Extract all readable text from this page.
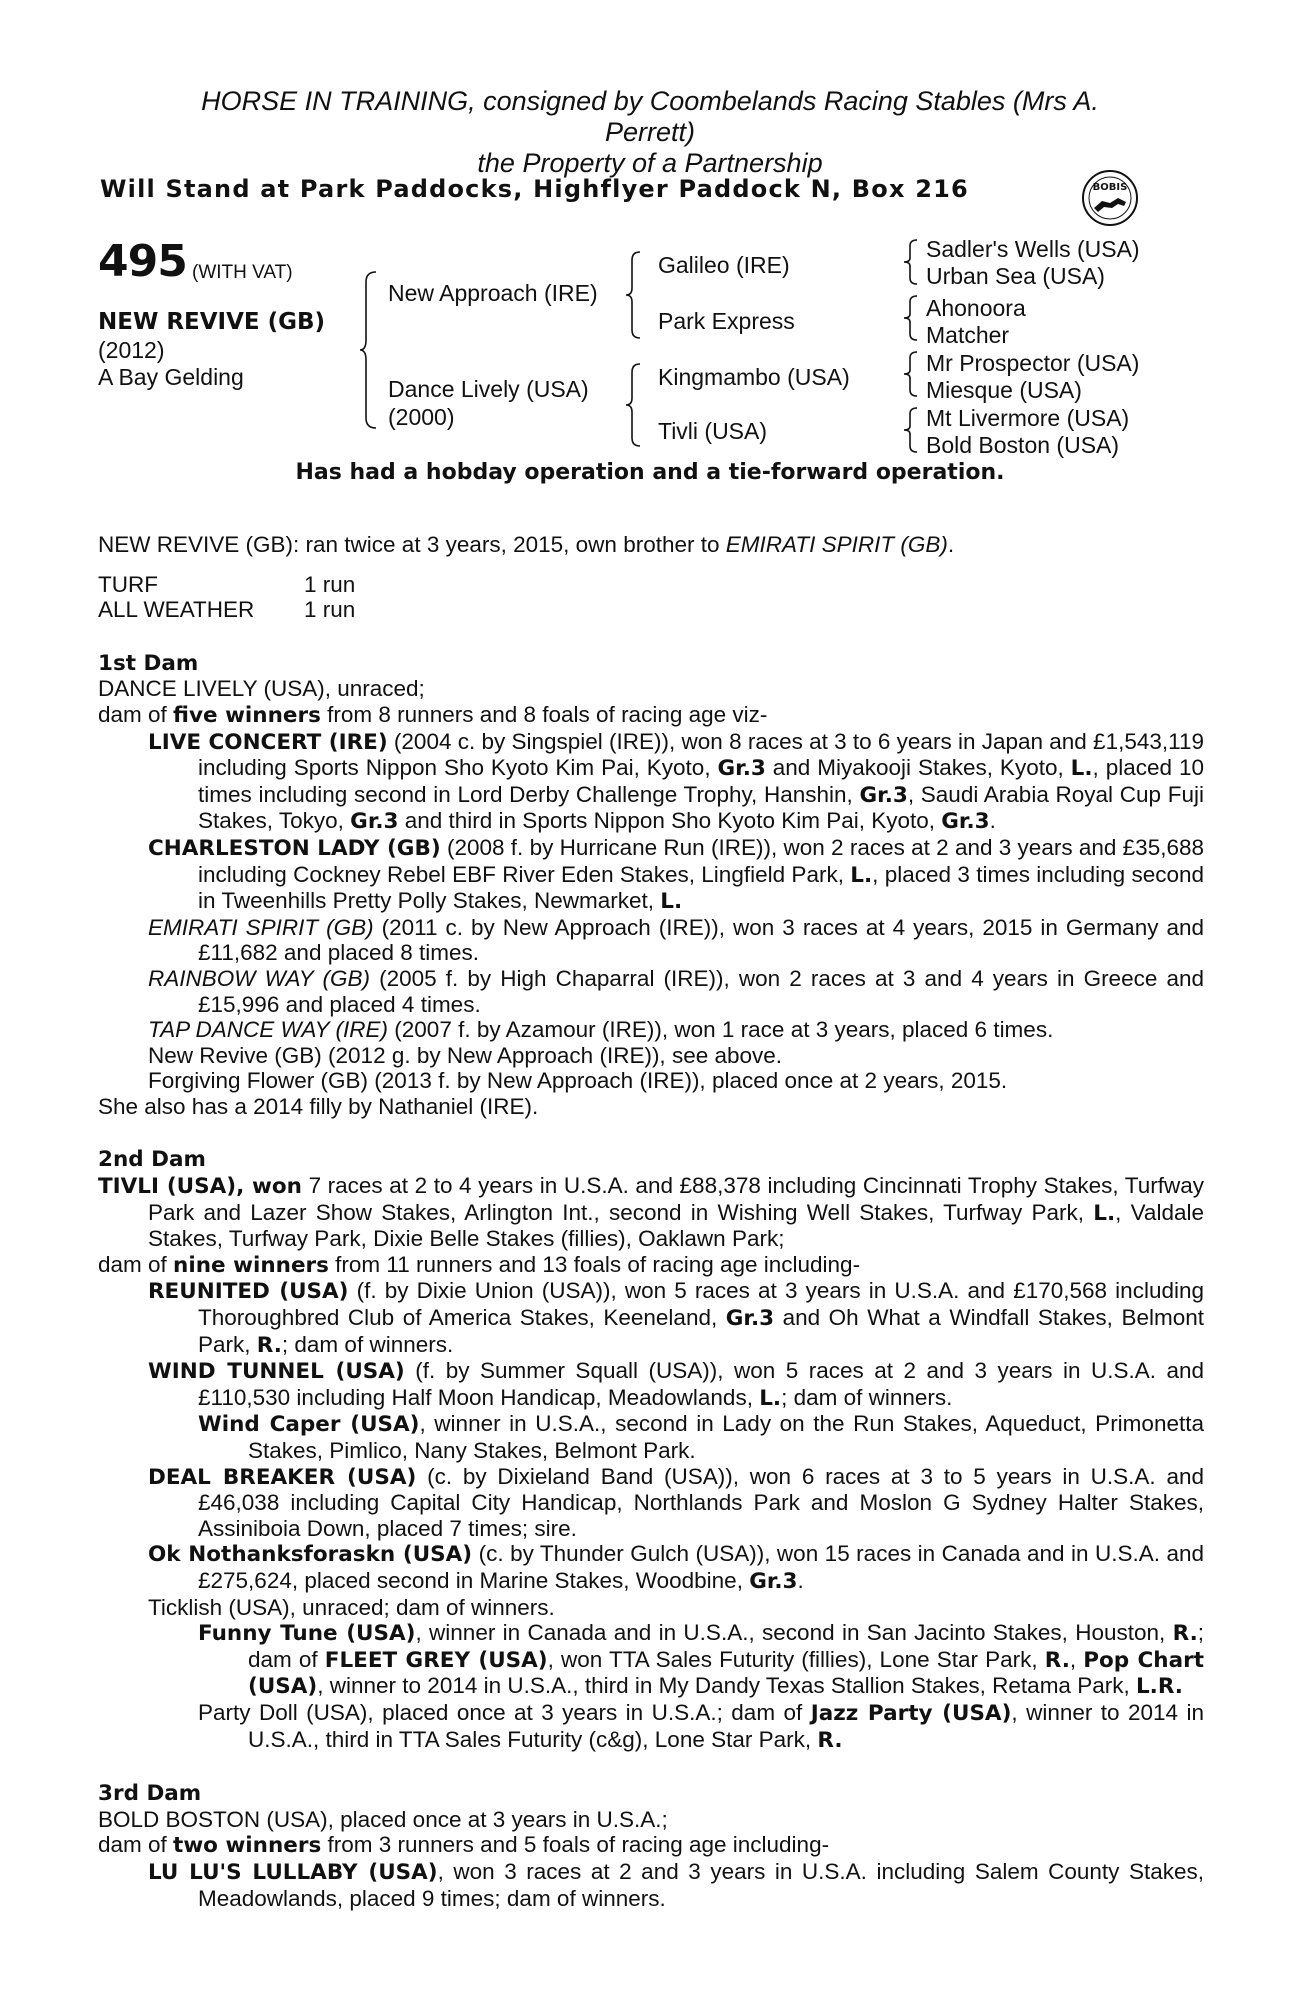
HORSE IN TRAINING, consigned by Coombelands Racing Stables (Mrs A.
Perrett)
the Property of a Partnership
Will Stand at Park Paddocks, Highflyer Paddock N, Box 216	BOBIS
495 (WITH VAT)
NEW REVIVE (GB)
(2012)
A Bay Gelding
New Approach (IRE)
Dance Lively (USA)
(2000)
Galileo (IRE)
Park Express
Kingmambo (USA)
Tivli (USA)
Sadler's Wells (USA)
Urban Sea (USA)
Ahonoora
Matcher
Mr Prospector (USA)
Miesque (USA)
Mt Livermore (USA)
Bold Boston (USA)
Has had a hobday operation and a tie-forward operation.

NEW REVIVE (GB): ran twice at 3 years, 2015, own brother to EMIRATI SPIRIT (GB).

TURF	1 run
ALL WEATHER	1 run

1st Dam

DANCE LIVELY (USA), unraced;

dam of five winners from 8 runners and 8 foals of racing age viz-

LIVE CONCERT (IRE) (2004 c. by Singspiel (IRE)), won 8 races at 3 to 6 years in Japan and £1,543,119 including Sports Nippon Sho Kyoto Kim Pai, Kyoto, Gr.3 and Miyakooji Stakes, Kyoto, L., placed 10 times including second in Lord Derby Challenge Trophy, Hanshin, Gr.3, Saudi Arabia Royal Cup Fuji Stakes, Tokyo, Gr.3 and third in Sports Nippon Sho Kyoto Kim Pai, Kyoto, Gr.3.

CHARLESTON LADY (GB) (2008 f. by Hurricane Run (IRE)), won 2 races at 2 and 3 years and £35,688 including Cockney Rebel EBF River Eden Stakes, Lingfield Park, L., placed 3 times including second in Tweenhills Pretty Polly Stakes, Newmarket, L.

EMIRATI SPIRIT (GB) (2011 c. by New Approach (IRE)), won 3 races at 4 years, 2015 in Germany and £11,682 and placed 8 times.

RAINBOW WAY (GB) (2005 f. by High Chaparral (IRE)), won 2 races at 3 and 4 years in Greece and £15,996 and placed 4 times.

TAP DANCE WAY (IRE) (2007 f. by Azamour (IRE)), won 1 race at 3 years, placed 6 times.

New Revive (GB) (2012 g. by New Approach (IRE)), see above.

Forgiving Flower (GB) (2013 f. by New Approach (IRE)), placed once at 2 years, 2015.

She also has a 2014 filly by Nathaniel (IRE).

2nd Dam

TIVLI (USA), won 7 races at 2 to 4 years in U.S.A. and £88,378 including Cincinnati Trophy Stakes, Turfway Park and Lazer Show Stakes, Arlington Int., second in Wishing Well Stakes, Turfway Park, L., Valdale Stakes, Turfway Park, Dixie Belle Stakes (fillies), Oaklawn Park;

dam of nine winners from 11 runners and 13 foals of racing age including-

REUNITED (USA) (f. by Dixie Union (USA)), won 5 races at 3 years in U.S.A. and £170,568 including Thoroughbred Club of America Stakes, Keeneland, Gr.3 and Oh What a Windfall Stakes, Belmont Park, R.; dam of winners.

WIND TUNNEL (USA) (f. by Summer Squall (USA)), won 5 races at 2 and 3 years in U.S.A. and £110,530 including Half Moon Handicap, Meadowlands, L.; dam of winners.

Wind Caper (USA), winner in U.S.A., second in Lady on the Run Stakes, Aqueduct, Primonetta Stakes, Pimlico, Nany Stakes, Belmont Park.

DEAL BREAKER (USA) (c. by Dixieland Band (USA)), won 6 races at 3 to 5 years in U.S.A. and £46,038 including Capital City Handicap, Northlands Park and Moslon G Sydney Halter Stakes, Assiniboia Down, placed 7 times; sire.

Ok Nothanksforaskn (USA) (c. by Thunder Gulch (USA)), won 15 races in Canada and in U.S.A. and £275,624, placed second in Marine Stakes, Woodbine, Gr.3.

Ticklish (USA), unraced; dam of winners.

Funny Tune (USA), winner in Canada and in U.S.A., second in San Jacinto Stakes, Houston, R.; dam of FLEET GREY (USA), won TTA Sales Futurity (fillies), Lone Star Park, R., Pop Chart (USA), winner to 2014 in U.S.A., third in My Dandy Texas Stallion Stakes, Retama Park, L.R.

Party Doll (USA), placed once at 3 years in U.S.A.; dam of Jazz Party (USA), winner to 2014 in U.S.A., third in TTA Sales Futurity (c&g), Lone Star Park, R.

3rd Dam

BOLD BOSTON (USA), placed once at 3 years in U.S.A.;

dam of two winners from 3 runners and 5 foals of racing age including-

LU LU'S LULLABY (USA), won 3 races at 2 and 3 years in U.S.A. including Salem County Stakes, Meadowlands, placed 9 times; dam of winners.
